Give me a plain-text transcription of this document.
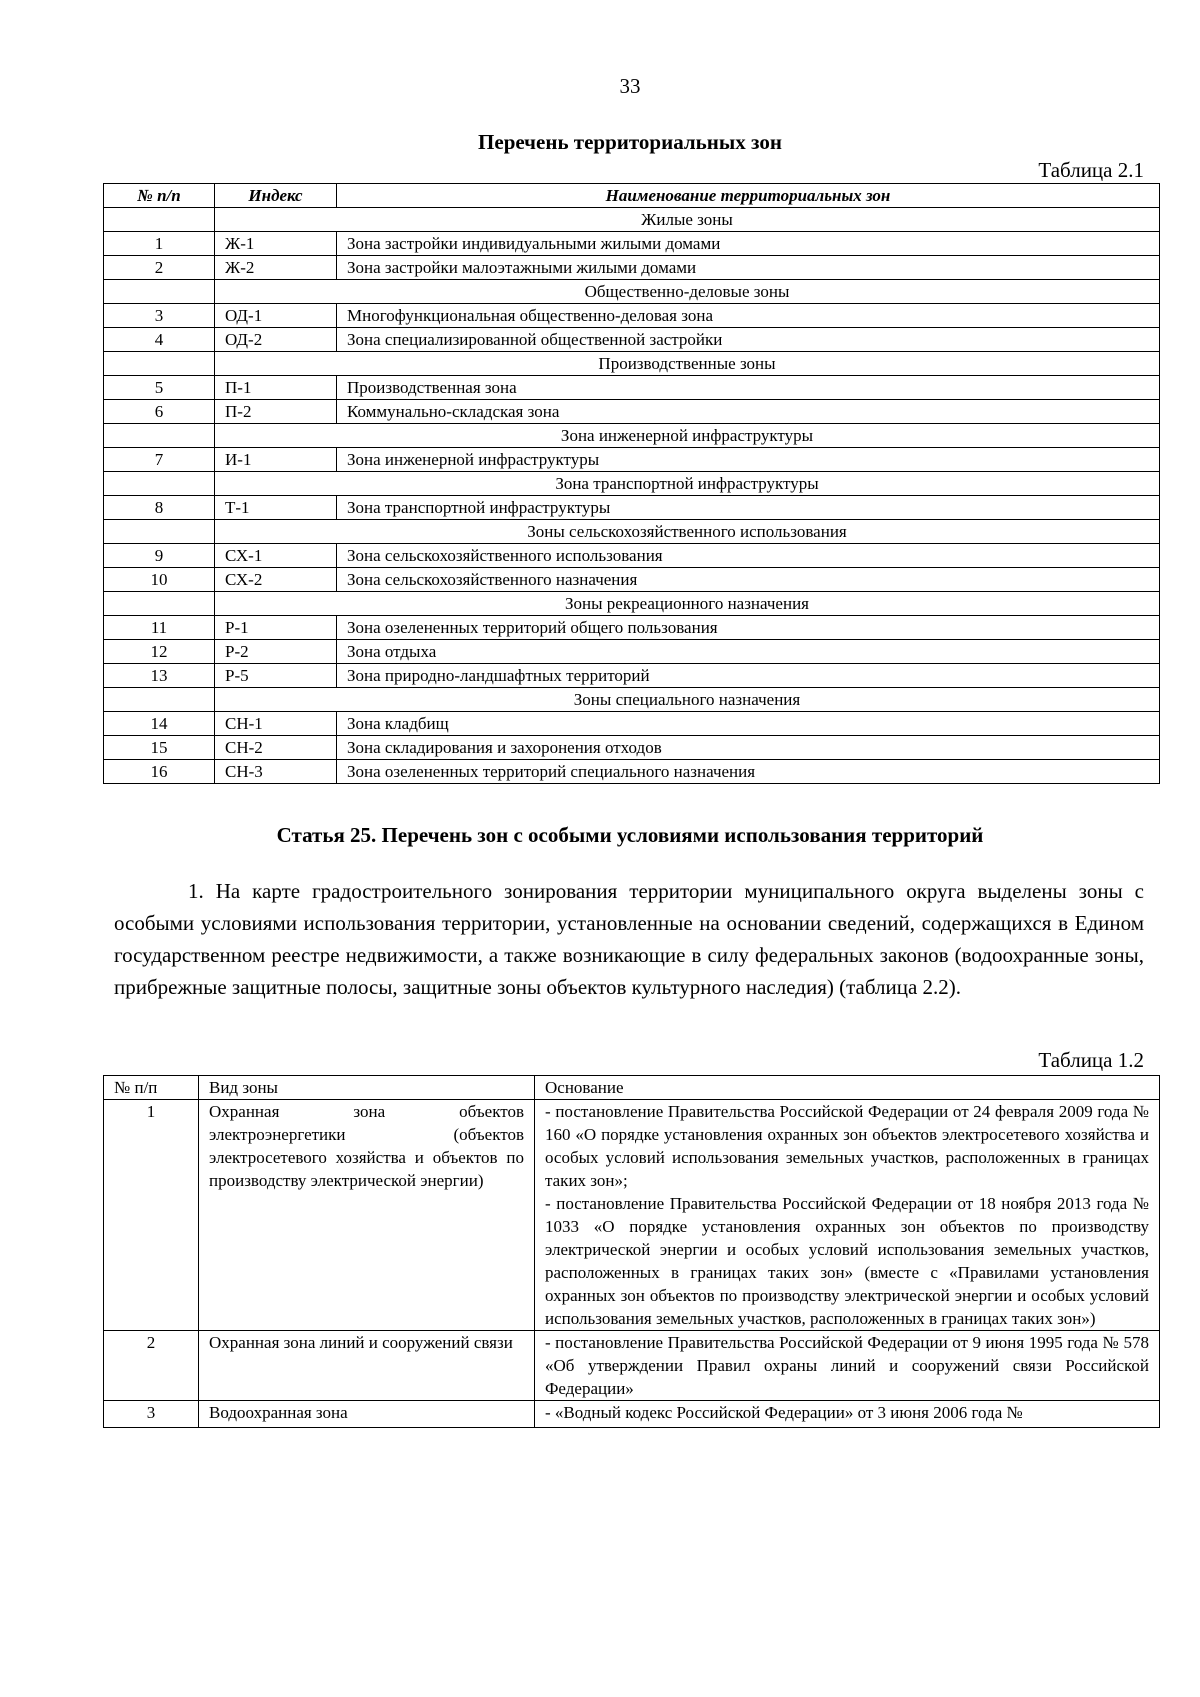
33
Перечень территориальных зон
Таблица 2.1
№ п/п	Индекс	Наименование территориальных зон
	Жилые зоны	
1	Ж-1	Зона застройки индивидуальными жилыми домами
2	Ж-2	Зона застройки малоэтажными жилыми домами
	Общественно-деловые зоны	
3	ОД-1	Многофункциональная общественно-деловая зона
4	ОД-2	Зона специализированной общественной застройки
	Производственные зоны	
5	П-1	Производственная зона
6	П-2	Коммунально-складская зона
	Зона инженерной инфраструктуры	
7	И-1	Зона инженерной инфраструктуры
	Зона транспортной инфраструктуры	
8	Т-1	Зона транспортной инфраструктуры
	Зоны сельскохозяйственного использования	
9	СХ-1	Зона сельскохозяйственного использования
10	СХ-2	Зона сельскохозяйственного назначения
	Зоны рекреационного назначения	
11	Р-1	Зона озелененных территорий общего пользования
12	Р-2	Зона отдыха
13	Р-5	Зона природно-ландшафтных территорий
	Зоны специального назначения	
14	СН-1	Зона кладбищ
15	СН-2	Зона складирования и захоронения отходов
16	СН-3	Зона озелененных территорий специального назначения
Статья 25. Перечень зон с особыми условиями использования территорий

1. На карте градостроительного зонирования территории муниципального округа выделены зоны с особыми условиями использования территории, установленные на основании сведений, содержащихся в Едином государственном реестре недвижимости, а также возникающие в силу федеральных законов (водоохранные зоны, прибрежные защитные полосы, защитные зоны объектов культурного наследия) (таблица 2.2).

Таблица 1.2
№ п/п	Вид зоны	Основание
1	Охранная зона объектов электроэнергетики (объектов электросетевого хозяйства и объектов по производству электрической энергии)	- постановление Правительства Российской Федерации от 24 февраля 2009 года № 160 «О порядке установления охранных зон объектов электросетевого хозяйства и особых условий использования земельных участков, расположенных в границах таких зон»;
- постановление Правительства Российской Федерации от 18 ноября 2013 года № 1033 «О порядке установления охранных зон объектов по производству электрической энергии и особых условий использования земельных участков, расположенных в границах таких зон» (вместе с «Правилами установления охранных зон объектов по производству электрической энергии и особых условий использования земельных участков, расположенных в границах таких зон»)

2	Охранная зона линий и сооружений связи	- постановление Правительства Российской Федерации от 9 июня 1995 года № 578 «Об утверждении Правил охраны линий и сооружений связи Российской Федерации»

3	Водоохранная зона	- «Водный кодекс Российской Федерации» от 3 июня 2006 года №
